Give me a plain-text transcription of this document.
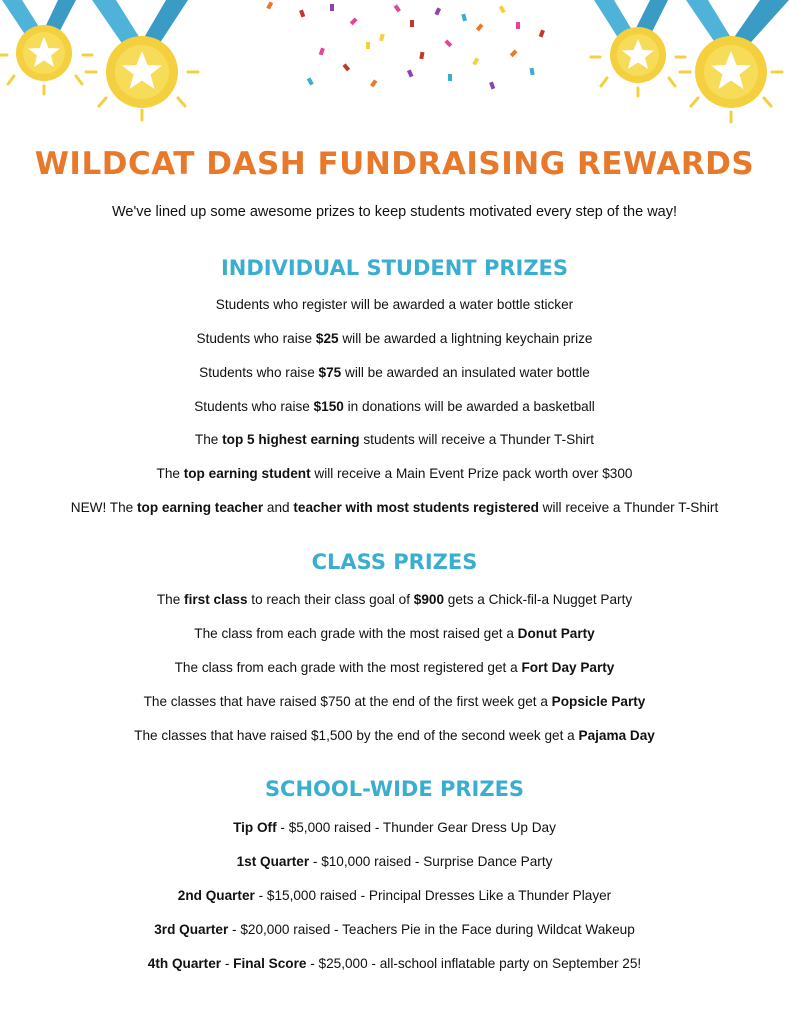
WILDCAT DASH FUNDRAISING REWARDS

We've lined up some awesome prizes to keep students motivated every step of the way!

INDIVIDUAL STUDENT PRIZES

Students who register will be awarded a water bottle sticker

Students who raise $25 will be awarded a lightning keychain prize

Students who raise $75 will be awarded an insulated water bottle

Students who raise $150 in donations will be awarded a basketball

The top 5 highest earning students will receive a Thunder T-Shirt

The top earning student will receive a Main Event Prize pack worth over $300

NEW! The top earning teacher and teacher with most students registered will receive a Thunder T-Shirt

CLASS PRIZES

The first class to reach their class goal of $900 gets a Chick-fil-a Nugget Party

The class from each grade with the most raised get a Donut Party

The class from each grade with the most registered get a Fort Day Party

The classes that have raised $750 at the end of the first week get a Popsicle Party

The classes that have raised $1,500 by the end of the second week get a Pajama Day

SCHOOL-WIDE PRIZES

Tip Off - $5,000 raised - Thunder Gear Dress Up Day

1st Quarter - $10,000 raised - Surprise Dance Party

2nd Quarter - $15,000 raised - Principal Dresses Like a Thunder Player

3rd Quarter - $20,000 raised - Teachers Pie in the Face during Wildcat Wakeup

4th Quarter - Final Score - $25,000 - all-school inflatable party on September 25!
